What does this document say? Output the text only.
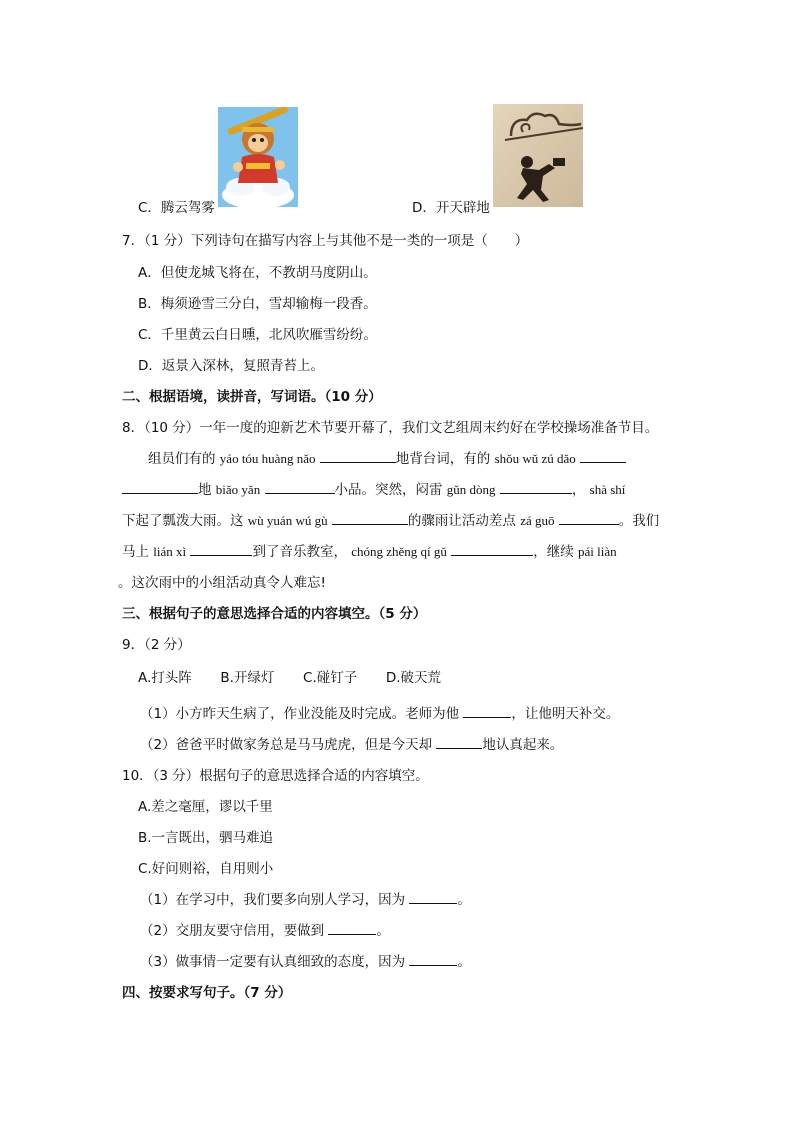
C．腾云驾雾	D．开天辟地
7．（1 分）下列诗句在描写内容上与其他不是一类的一项是（　　）
A．但使龙城飞将在，不教胡马度阴山。
B．梅须逊雪三分白，雪却输梅一段香。
C．千里黄云白日曛，北风吹雁雪纷纷。
D．返景入深林，复照青苔上。
二、根据语境，读拼音，写词语。（10 分）
8．（10 分）一年一度的迎新艺术节要开幕了，我们文艺组周末约好在学校操场准备节目。
组员们有的 yáo tóu huàng nǎo	地背台词，有的 shǒu wǔ zú dǎo
地 biǎo yǎn	小品。突然，闷雷 gǔn dòng	， shà shí
下起了瓢泼大雨。这 wù yuán wú gù	的骤雨让活动差点 zá guō	。我们
马上 lián xì	到了音乐教室， chóng zhěng qí gǔ	，继续 pái liàn
。这次雨中的小组活动真令人难忘!
三、根据句子的意思选择合适的内容填空。（5 分）
9．（2 分）
A.打头阵 B.开绿灯 C.碰钉子 D.破天荒
（1）小方昨天生病了，作业没能及时完成。老师为他	，让他明天补交。
（2）爸爸平时做家务总是马马虎虎，但是今天却	地认真起来。
10．（3 分）根据句子的意思选择合适的内容填空。
A.差之毫厘，谬以千里
B.一言既出，驷马难追
C.好问则裕，自用则小
（1）在学习中，我们要多向别人学习，因为	。
（2）交朋友要守信用，要做到	。
（3）做事情一定要有认真细致的态度，因为	。
四、按要求写句子。（7 分）
